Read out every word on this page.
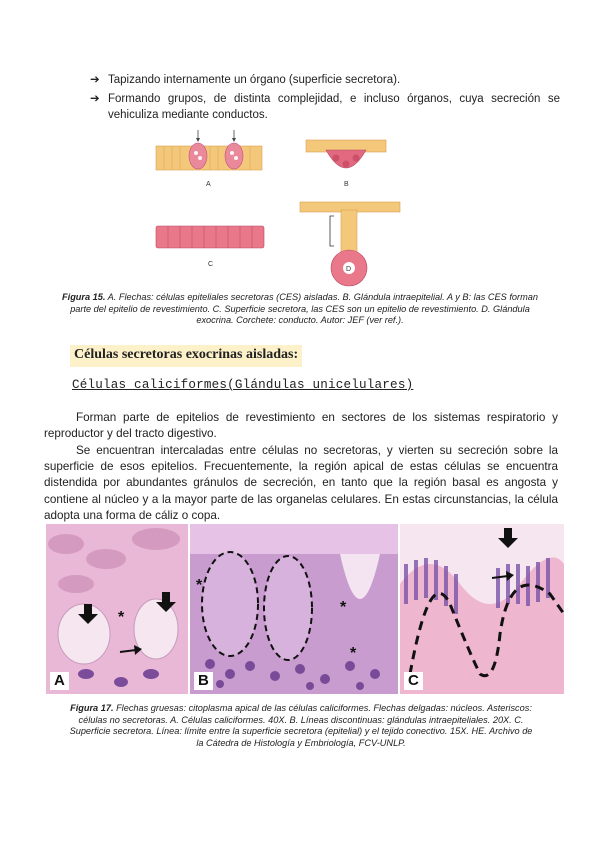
➔ Tapizando internamente un órgano (superficie secretora).
➔ Formando grupos, de distinta complejidad, e incluso órganos, cuya secreción se vehiculiza mediante conductos.
A	B
C
D
Figura 15. A. Flechas: células epiteliales secretoras (CES) aisladas. B. Glándula intraepitelial. A y B: las CES forman parte del epitelio de revestimiento. C. Superficie secretora, las CES son un epitelio de revestimiento. D. Glándula exocrina. Corchete: conducto. Autor: JEF (ver ref.).
Células secretoras exocrinas aisladas:
Células caliciformes(Glándulas unicelulares)
Forman parte de epitelios de revestimiento en sectores de los sistemas respiratorio y reproductor y del tracto digestivo.
Se encuentran intercaladas entre células no secretoras, y vierten su secreción sobre la superficie de esos epitelios. Frecuentemente, la región apical de estas células se encuentra distendida por abundantes gránulos de secreción, en tanto que la región basal es angosta y contiene al núcleo y a la mayor parte de las organelas celulares. En estas circunstancias, la célula adopta una forma de cáliz o copa.
*
A
*
*
*
B	C
Figura 17. Flechas gruesas: citoplasma apical de las células caliciformes. Flechas delgadas: núcleos. Asteriscos: células no secretoras. A. Células caliciformes. 40X. B. Líneas discontinuas: glándulas intraepiteliales. 20X. C. Superficie secretora. Línea: límite entre la superficie secretora (epitelial) y el tejido conectivo. 15X. HE. Archivo de la Cátedra de Histología y Embriología, FCV-UNLP.
